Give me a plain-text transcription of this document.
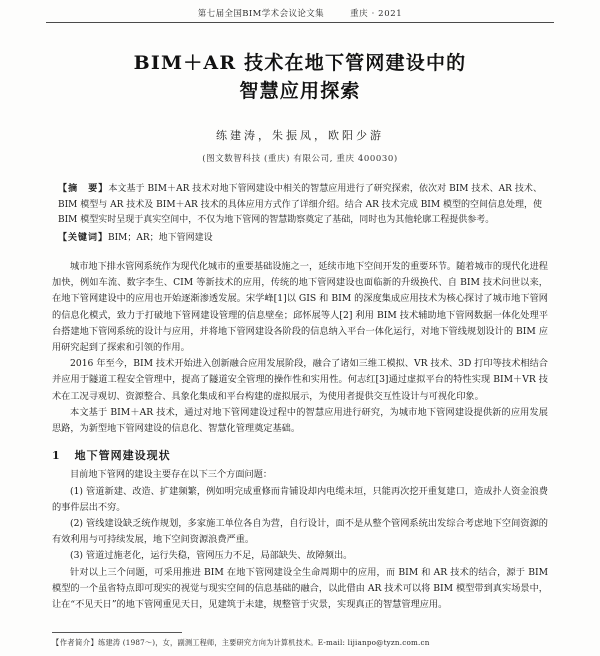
第七届全国BIM学术会议论文集	重庆 · 2021
BIM＋AR 技术在地下管网建设中的
智慧应用探索
练建涛，朱振凤，欧阳少游
(图文数智科技 (重庆) 有限公司, 重庆 400030)

【摘　要】本文基于 BIM＋AR 技术对地下管网建设中相关的智慧应用进行了研究探索，依次对 BIM 技术、AR 技术、BIM 模型与 AR 技术及 BIM＋AR 技术的具体应用方式作了详细介绍。结合 AR 技术完成 BIM 模型的空间信息处理，使 BIM 模型实时呈现于真实空间中，不仅为地下管网的智慧勘察奠定了基础，同时也为其他轮廓工程提供参考。

【关键词】BIM；AR；地下管网建设

城市地下排水管网系统作为现代化城市的重要基础设施之一，延续市地下空间开发的重要环节。随着城市的现代化进程加快，例如车流、数字李生、CIM 等新技术的应用，传统的地下管网建设也面临新的升级换代、自 BIM 技术问世以来，在地下管网建设中的应用也开始逐渐渗透发展。宋学峰[1]以 GIS 和 BIM 的深度集成应用技术为核心探讨了城市地下管网的信息化模式，致力于打破地下管网建设管理的信息壁垒；邱怀展等人[2] 利用 BIM 技术辅助地下管网数据一体化处理平台搭建地下管网系统的设计与应用，并将地下管网建设各阶段的信息纳入平台一体化运行，对地下管线规划设计的 BIM 应用研究起到了探索和引领的作用。

2016 年至今，BIM 技术开始进入创新融合应用发展阶段，融合了诸如三维工模拟、VR 技术、3D 打印等技术相结合并应用于隧道工程安全管理中，提高了隧道安全管理的操作性和实用性。何志红[3]通过虚拟平台的特性实现 BIM＋VR 技术在工况寻观切、资源整合、具象化集成和平台构建的虚拟展示，为使用者提供交互性设计与可视化印象。

本文基于 BIM＋AR 技术，通过对地下管网建设过程中的智慧应用进行研究，为城市地下管网建设提供新的应用发展思路，为新型地下管网建设的信息化、智慧化管理奠定基础。

1 地下管网建设现状

目前地下管网的建设主要存在以下三个方面问题：

(1) 管道新建、改造、扩建频繁，例如明完成重修而肯铺设却内电缆未垣，只能再次挖开重复建口，造成扑人资金浪费的事件层出不穷。

(2) 管线建设缺乏统作规划，多家施工单位各自为营，自行设计，面不是从整个管网系统出发综合考虑地下空间资源的有效利用与可持续发展，地下空间资源浪费严重。

(3) 管道过施老化，运行失稳，管网压力不足，局部缺失、故障频出。

针对以上三个问题，可采用推进 BIM 在地下管网建设全生命周期中的应用，而 BIM 和 AR 技术的结合，源于 BIM 模型的一个虽省特点即可现实的视觉与现实空间的信息基础的融合，以此借由 AR 技术可以将 BIM 模型带到真实场景中，让在“不见天日”的地下管网重见天日，见建筑于未建，规整管于灾景，实现真正的智慧管理应用。

【作者简介】练建涛 (1987～)，女，副测工程师，主要研究方向为计算机技术。E-mail: lijianpo@tyzn.com.cn
